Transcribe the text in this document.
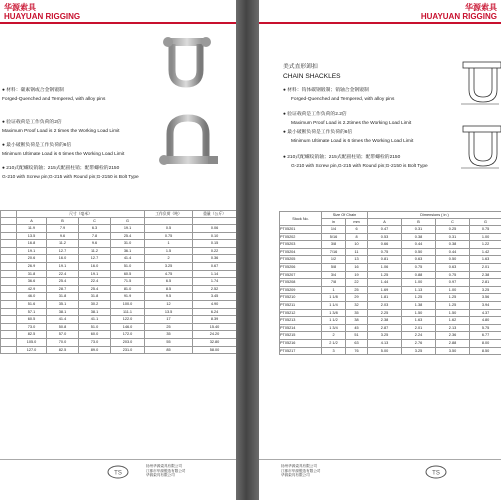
华源索具
HUAYUAN RIGGING
● 材料：碳素钢或合金钢锻制
Forged-Quenched and Tempered, with alloy pins
● 验证载荷是工作负荷的2倍
Maximum Proof Load is 2 times the Working Load Limit
● 最小破断负荷是工作负荷的6倍
Minimum Ultimate Load is 6 times the Working Load Limit
● 210式配螺纹销轴；215式配圆柱销；配带螺栓的2150
G-210 with Screw pin;G-215 with Round pin;G-2150 is Bolt Type
	尺寸（毫米）				工作负荷（吨）	重量（公斤）
	A	B	C	G		
	11.9	7.9	6.3	19.1	0.5	0.06
	13.5	9.6	7.8	25.4	0.75	0.10
	16.8	11.2	9.6	31.0	1	0.15
	19.1	12.7	11.2	36.1	1.5	0.22
	20.6	16.0	12.7	41.4	2	0.36
	26.9	19.1	16.0	51.0	3.25	0.67
	31.8	22.4	19.1	60.5	4.75	1.14
	36.6	25.4	22.4	71.5	6.5	1.74
	42.9	28.7	25.4	81.0	8.5	2.52
	46.0	31.8	31.8	91.9	9.5	3.45
	51.6	35.1	30.2	100.0	12	4.90
	57.1	38.1	38.1	111.1	13.5	6.24
	60.5	41.4	41.1	122.0	17	8.39
	73.0	50.8	51.0	146.0	25	15.40
	82.5	57.0	60.0	172.0	35	24.20
	105.0	70.0	73.0	203.0	55	32.80
	127.0	82.5	89.0	231.0	85	58.00
TS
扬州华源索具有限公司
江都市华源锻造有限公司
华源索具有限公司
华源索具
HUAYUAN RIGGING
美式直形卸扣
CHAIN SHACKLES
● 材料：钩体碳钢锻制；销轴合金钢锻制
Forged-Quenched and Tempered, with alloy pins
● 验证载荷是工作负荷的2.2倍
Maximum Proof Load is 2.2times the Working Load Limit
● 最小破断负荷是工作负荷的6倍
Minimum Ultimate Load is 6 times the Working Load Limit
● 210式配螺纹销轴；215式配圆柱销；配带螺栓的2150
G-210 with Screw pin,G-215 with Round pin;G-2150 is Bolt Type
Stock No.	Size Of Chain		Dimensions ( in )			
	in	mm	A	B	C	G
PT05201	1/4	6	0.47	0.31	0.25	0.75
PT05202	5/16	8	0.53	0.38	0.31	1.00
PT05203	3/8	10	0.66	0.44	0.38	1.22
PT05204	7/16	11	0.75	0.50	0.44	1.42
PT05205	1/2	13	0.81	0.63	0.50	1.63
PT05206	5/8	16	1.06	0.75	0.63	2.01
PT05207	3/4	19	1.25	0.88	0.75	2.38
PT05208	7/8	22	1.44	1.00	0.97	2.81
PT05209	1	25	1.69	1.13	1.00	3.25
PT05210	1 1/8	29	1.81	1.25	1.25	3.56
PT05211	1 1/4	32	2.03	1.38	1.25	3.94
PT05212	1 3/8	35	2.25	1.50	1.50	4.37
PT05213	1 1/2	38	2.38	1.63	1.62	4.80
PT05214	1 3/4	45	2.87	2.01	2.13	5.75
PT05215	2	51	3.25	2.24	2.36	6.77
PT05216	2 1/2	63	4.13	2.76	2.88	8.00
PT05217	3	76	5.00	3.25	3.50	8.50
扬州华源索具有限公司
江都市华源锻造有限公司
华源索具有限公司	TS
